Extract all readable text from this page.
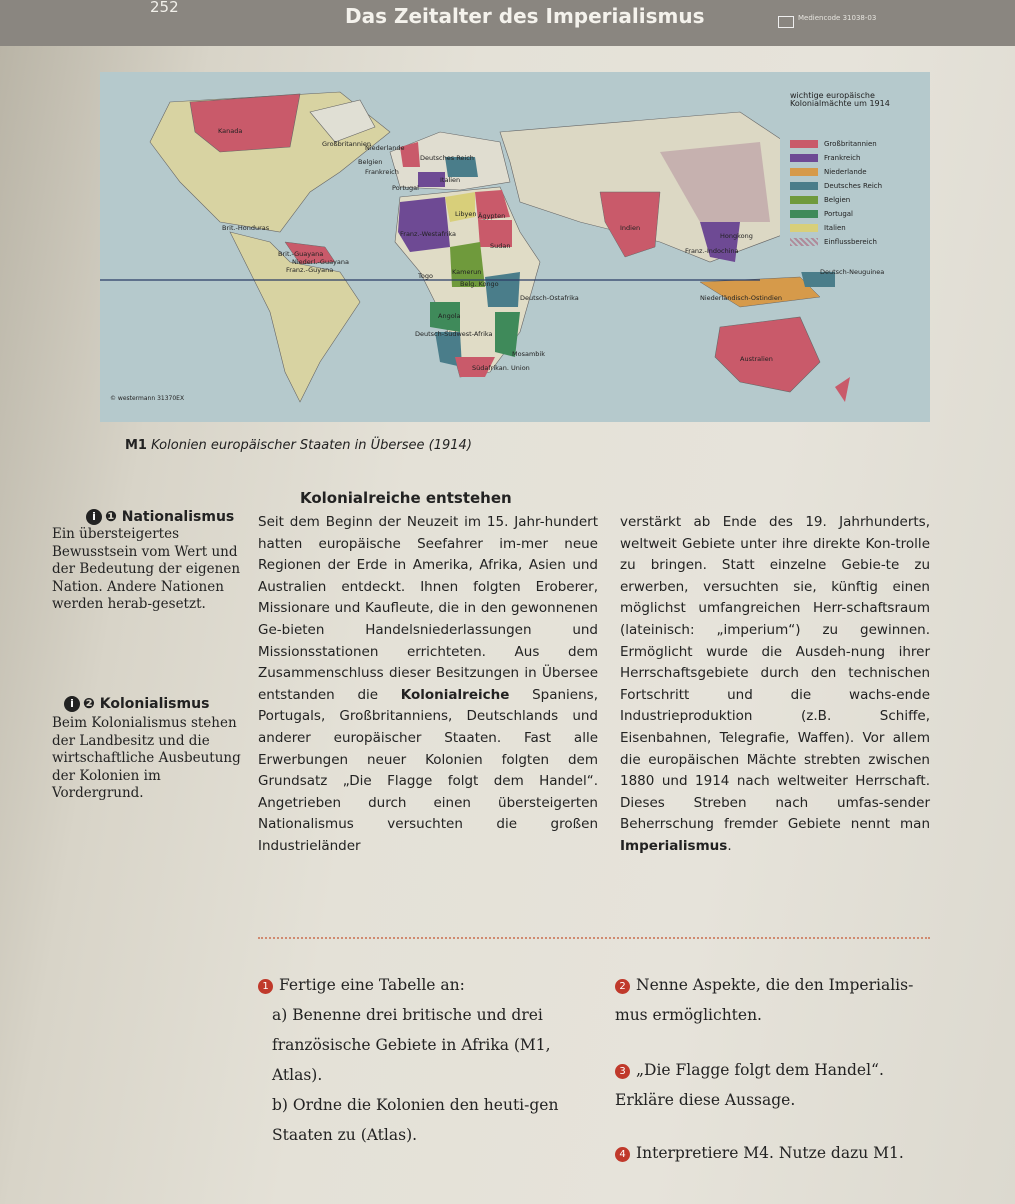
252	Das Zeitalter des Imperialismus	Mediencode 31038-03
wichtige europäische Kolonialmächte um 1914
Großbritannien
Frankreich
Niederlande
Deutsches Reich
Belgien
Portugal
Italien
Einflussbereich
Kanada
Großbritannien
Niederlande
Deutsches Reich
Belgien
Frankreich
Portugal
Italien
Libyen Ägypten
Franz.-Westafrika
Brit.-Honduras
Brit.-Guayana
Niederl.-Guayana
Franz.-Guyana
Togo	Kamerun
Sudan
Belg. Kongo
Deutsch-Ostafrika
Angola
Deutsch-Südwest-Afrika
Mosambik
Südafrikan. Union
Indien
Hongkong
Franz.-Indochina
Niederländisch-Ostindien
Deutsch-Neuguinea
Australien
© westermann 31370EX
M1 Kolonien europäischer Staaten in Übersee (1914)
Kolonialreiche entstehen
i ❶ Nationalismus
Ein übersteigertes Bewusstsein vom Wert und der Bedeutung der eigenen Nation. Andere Nationen werden herab-gesetzt.
i ❷ Kolonialismus
Beim Kolonialismus stehen der Landbesitz und die wirtschaftliche Ausbeutung der Kolonien im Vordergrund.
Seit dem Beginn der Neuzeit im 15. Jahr-hundert hatten europäische Seefahrer im-mer neue Regionen der Erde in Amerika, Afrika, Asien und Australien entdeckt. Ihnen folgten Eroberer, Missionare und Kaufleute, die in den gewonnenen Ge-bieten Handelsniederlassungen und Missionsstationen errichteten. Aus dem Zusammenschluss dieser Besitzungen in Übersee entstanden die Kolonialreiche Spaniens, Portugals, Großbritanniens, Deutschlands und anderer europäischer Staaten. Fast alle Erwerbungen neuer Kolonien folgten dem Grundsatz „Die Flagge folgt dem Handel“. Angetrieben durch einen übersteigerten Nationalismus versuchten die großen Industrieländer
verstärkt ab Ende des 19. Jahrhunderts, weltweit Gebiete unter ihre direkte Kon-trolle zu bringen. Statt einzelne Gebie-te zu erwerben, versuchten sie, künftig einen möglichst umfangreichen Herr-schaftsraum (lateinisch: „imperium“) zu gewinnen. Ermöglicht wurde die Ausdeh-nung ihrer Herrschaftsgebiete durch den technischen Fortschritt und die wachs-ende Industrieproduktion (z.B. Schiffe, Eisenbahnen, Telegrafie, Waffen). Vor allem die europäischen Mächte strebten zwischen 1880 und 1914 nach weltweiter Herrschaft. Dieses Streben nach umfas-sender Beherrschung fremder Gebiete nennt man Imperialismus.
1 Fertige eine Tabelle an:
a) Benenne drei britische und drei französische Gebiete in Afrika (M1, Atlas).
b) Ordne die Kolonien den heuti-gen Staaten zu (Atlas).
2 Nenne Aspekte, die den Imperialis-mus ermöglichten.
3 „Die Flagge folgt dem Handel“. Erkläre diese Aussage.
4 Interpretiere M4. Nutze dazu M1.
